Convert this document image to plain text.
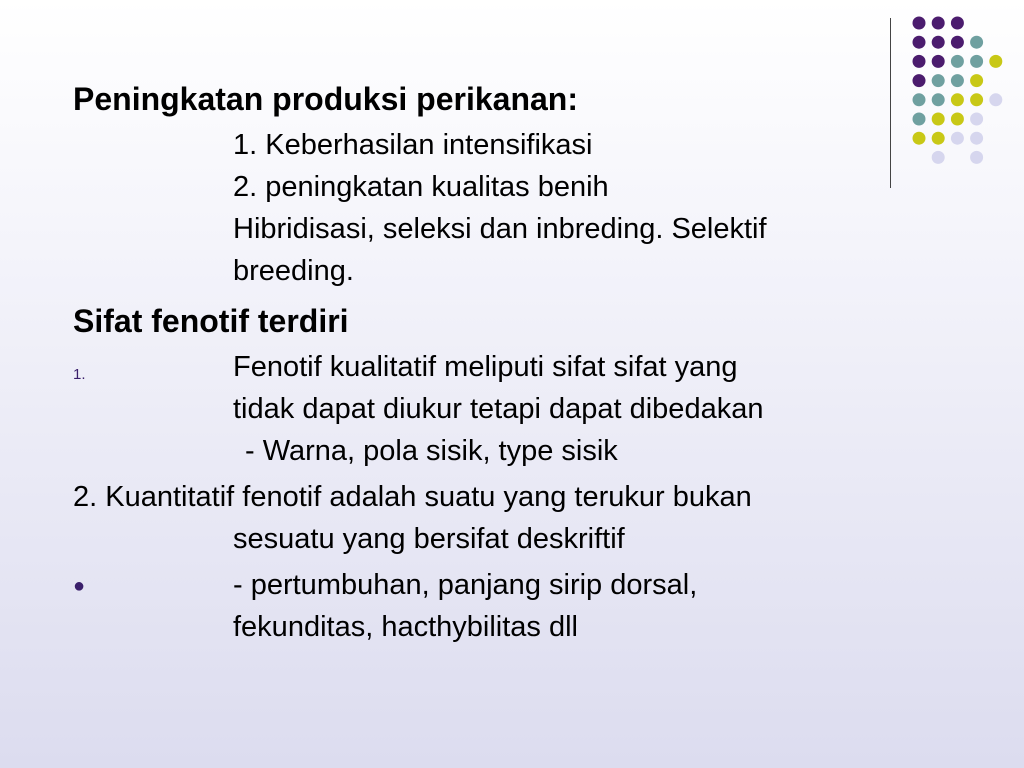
Peningkatan produksi perikanan:
1. Keberhasilan intensifikasi
2. peningkatan kualitas benih
Hibridisasi, seleksi dan inbreding. Selektif
breeding.
Sifat fenotif terdiri
1.	Fenotif kualitatif meliputi sifat sifat yang
tidak dapat diukur tetapi dapat dibedakan
- Warna, pola sisik, type sisik
2. Kuantitatif fenotif adalah suatu yang terukur bukan
sesuatu yang bersifat deskriftif
●	- pertumbuhan, panjang sirip dorsal,
fekunditas, hacthybilitas dll
